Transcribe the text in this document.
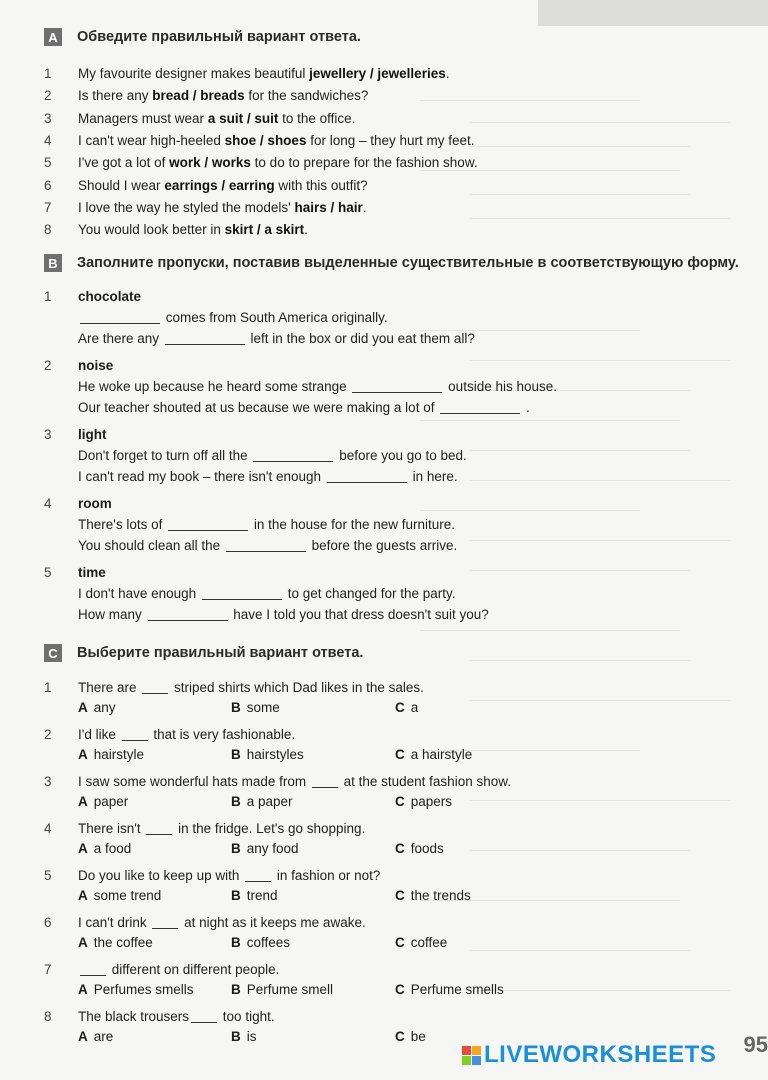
A Обведите правильный вариант ответа.
1	My favourite designer makes beautiful jewellery / jewelleries.
2	Is there any bread / breads for the sandwiches?
3	Managers must wear a suit / suit to the office.
4	I can't wear high-heeled shoe / shoes for long – they hurt my feet.
5	I've got a lot of work / works to do to prepare for the fashion show.
6	Should I wear earrings / earring with this outfit?
7	I love the way he styled the models' hairs / hair.
8	You would look better in skirt / a skirt.
B Заполните пропуски, поставив выделенные существительные в соответствующую форму.
1	chocolate
comes from South America originally.
Are there any	left in the box or did you eat them all?
2	noise
He woke up because he heard some strange	outside his house.
Our teacher shouted at us because we were making a lot of	.
3	light
Don't forget to turn off all the	before you go to bed.
I can't read my book – there isn't enough	in here.
4	room
There's lots of	in the house for the new furniture.
You should clean all the	before the guests arrive.
5	time
I don't have enough	to get changed for the party.
How many	have I told you that dress doesn't suit you?
C Выберите правильный вариант ответа.
1	There are  striped shirts which Dad likes in the sales.
A any	B some	C a
2	I'd like  that is very fashionable.
A hairstyle	B hairstyles	C a hairstyle
3	I saw some wonderful hats made from  at the student fashion show.
A paper	B a paper	C papers
4	There isn't  in the fridge. Let's go shopping.
A a food	B any food	C foods
5	Do you like to keep up with  in fashion or not?
A some trend	B trend	C the trends
6	I can't drink  at night as it keeps me awake.
A the coffee	B coffees	C coffee
7	different on different people.
A Perfumes smells	B Perfume smell	C Perfume smells
8	The black trousers too tight.
A are	B is	C be	95
LIVEWORKSHEETS
